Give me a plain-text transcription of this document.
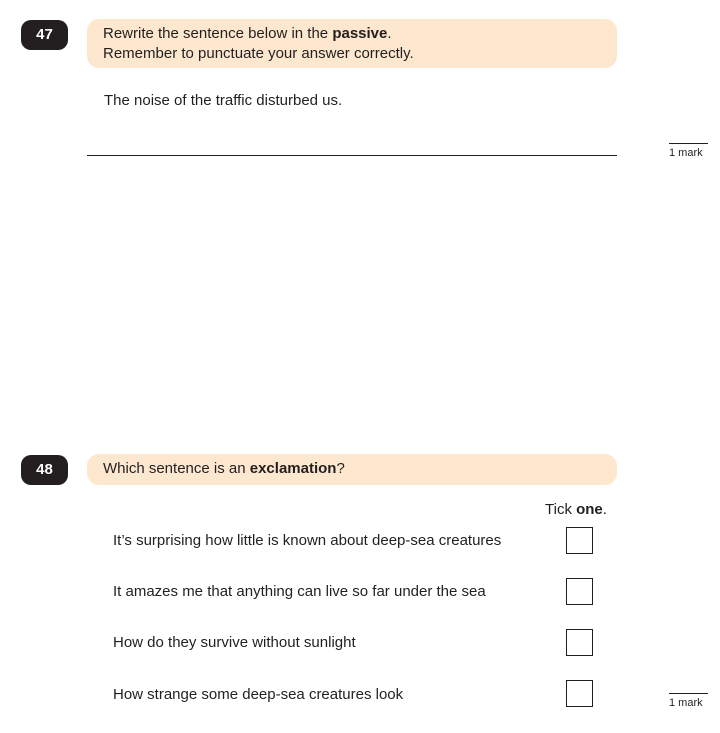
47	Rewrite the sentence below in the passive.
Remember to punctuate your answer correctly.
The noise of the traffic disturbed us.
1 mark
48	Which sentence is an exclamation?
Tick one.
It’s surprising how little is known about deep-sea creatures
It amazes me that anything can live so far under the sea
How do they survive without sunlight
How strange some deep-sea creatures look	1 mark
